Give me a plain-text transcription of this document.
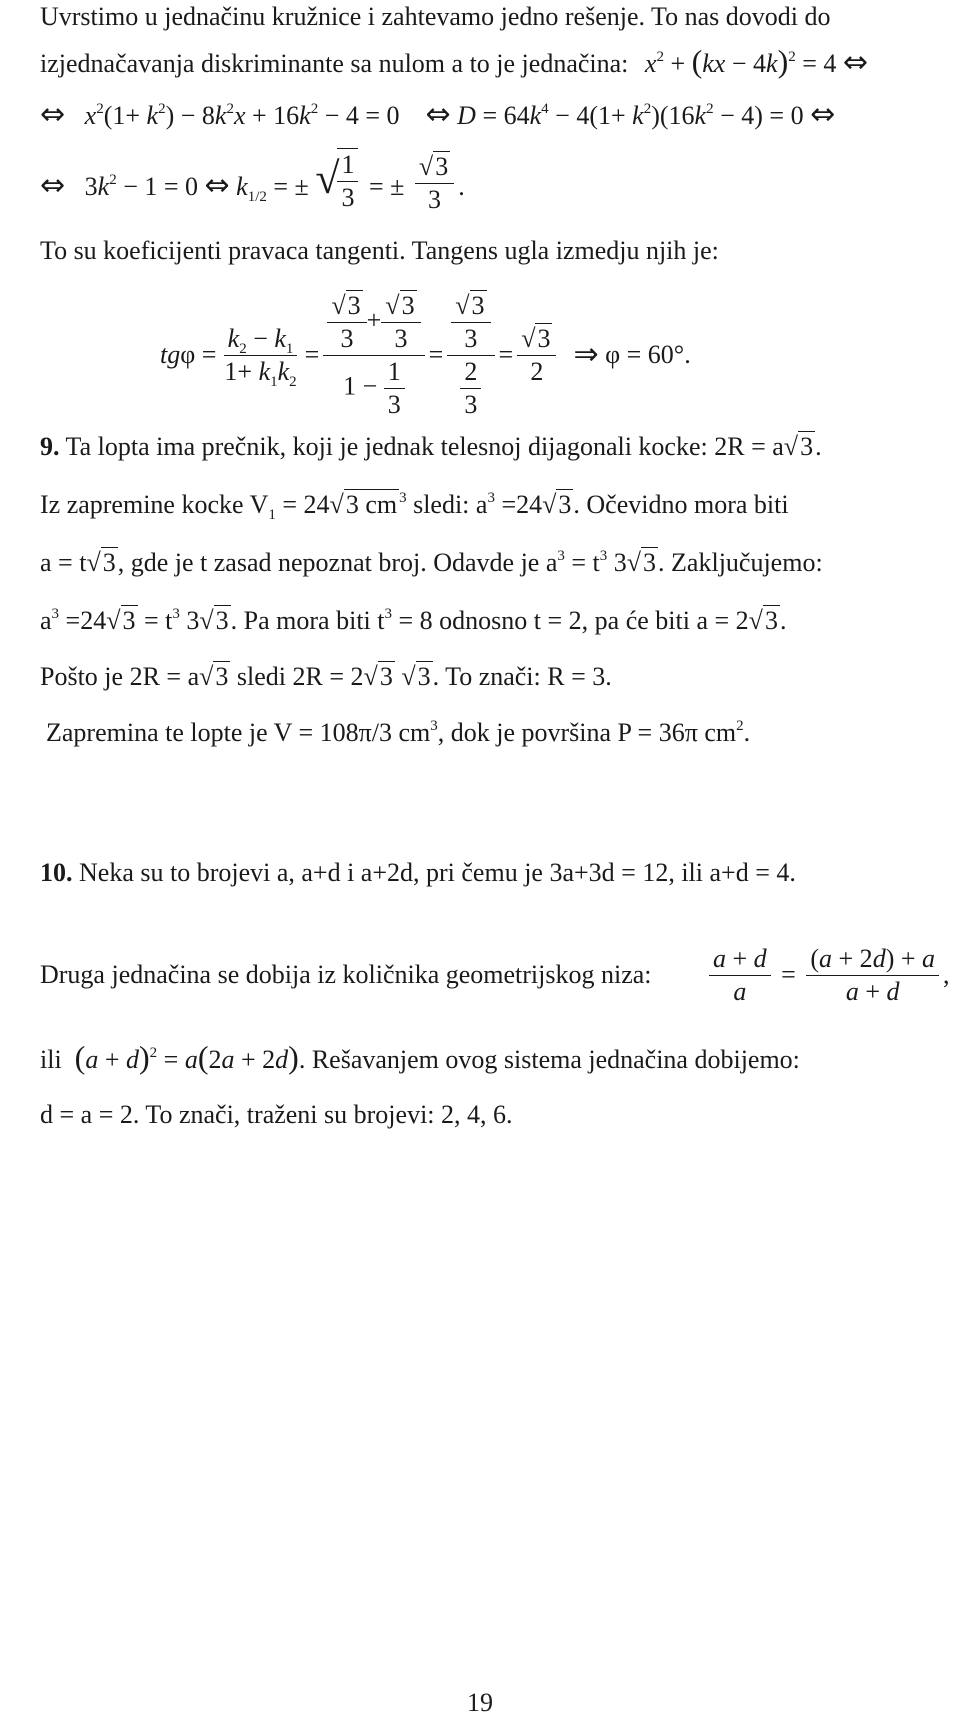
Uvrstimo u jednačinu kružnice i zahtevamo jedno rešenje. To nas dovodi do
izjednačavanja diskriminante sa nulom a to je jednačina: $x^2 + (kx - 4k)^2 = 4$ ⇔
⇔ $x^2(1+ k^2) - 8k^2x + 16k^2 - 4 = 0$    ⇔ $D = 64k^4 - 4(1+ k^2)(16k^2 - 4) = 0$ ⇔
⇔ $3k^2 - 1 = 0$ ⇔ $k_{1/2}$ = ± √
$\frac{1}{3}$ = ± $\frac{√3}{3}$ .
To su koeficijenti pravaca tangenti. Tangens ugla izmedju njih je:
tg $\varphi = \frac{k_2 - k_1}{1+ k_1k_2} = \frac{\frac{√3}{3} + \frac{√3}{3}}{1 - \frac{1}{3}} = \frac{\frac{√3}{3}}{\frac{2}{3}} = \frac{√3}{2}$
⇒ φ = 60°.
9. Ta lopta ima prečnik, koji je jednak telesnoj dijagonali kocke: 2R = a√3.
Iz zapremine kocke $V_1 = 24√3$ cm $^3$ sledi: $a^3 =24√3$. Očevidno mora biti
a = t√3, gde je t zasad nepoznat broj. Odavde je $a^3 = t^3$ 3√3. Zaključujemo:
$a^3 =24√3 = t^3$ 3√3. Pa mora biti $t^3 = 8$ odnosno t = 2, pa će biti a = 2√3.
Pošto je 2R = a√3 sledi 2R = 2√3 √3. To znači: R = 3.
Zapremina te lopte je V = 108π/3 $cm^3$, dok je površina P = 36π $cm^2$.
10. Neka su to brojevi a, a+d i a+2d, pri čemu je 3a+3d = 12, ili a+d = 4.
Druga jednačina se dobija iz količnika geometrijskog niza: $\frac{a + d}{a} = \frac{(a + 2d) + a}{a + d}$ ,
ili  $(a + d)^2 = a(2a + 2d)$. Rešavanjem ovog sistema jednačina dobijemo:
d = a = 2. To znači, traženi su brojevi: 2, 4, 6.
19
